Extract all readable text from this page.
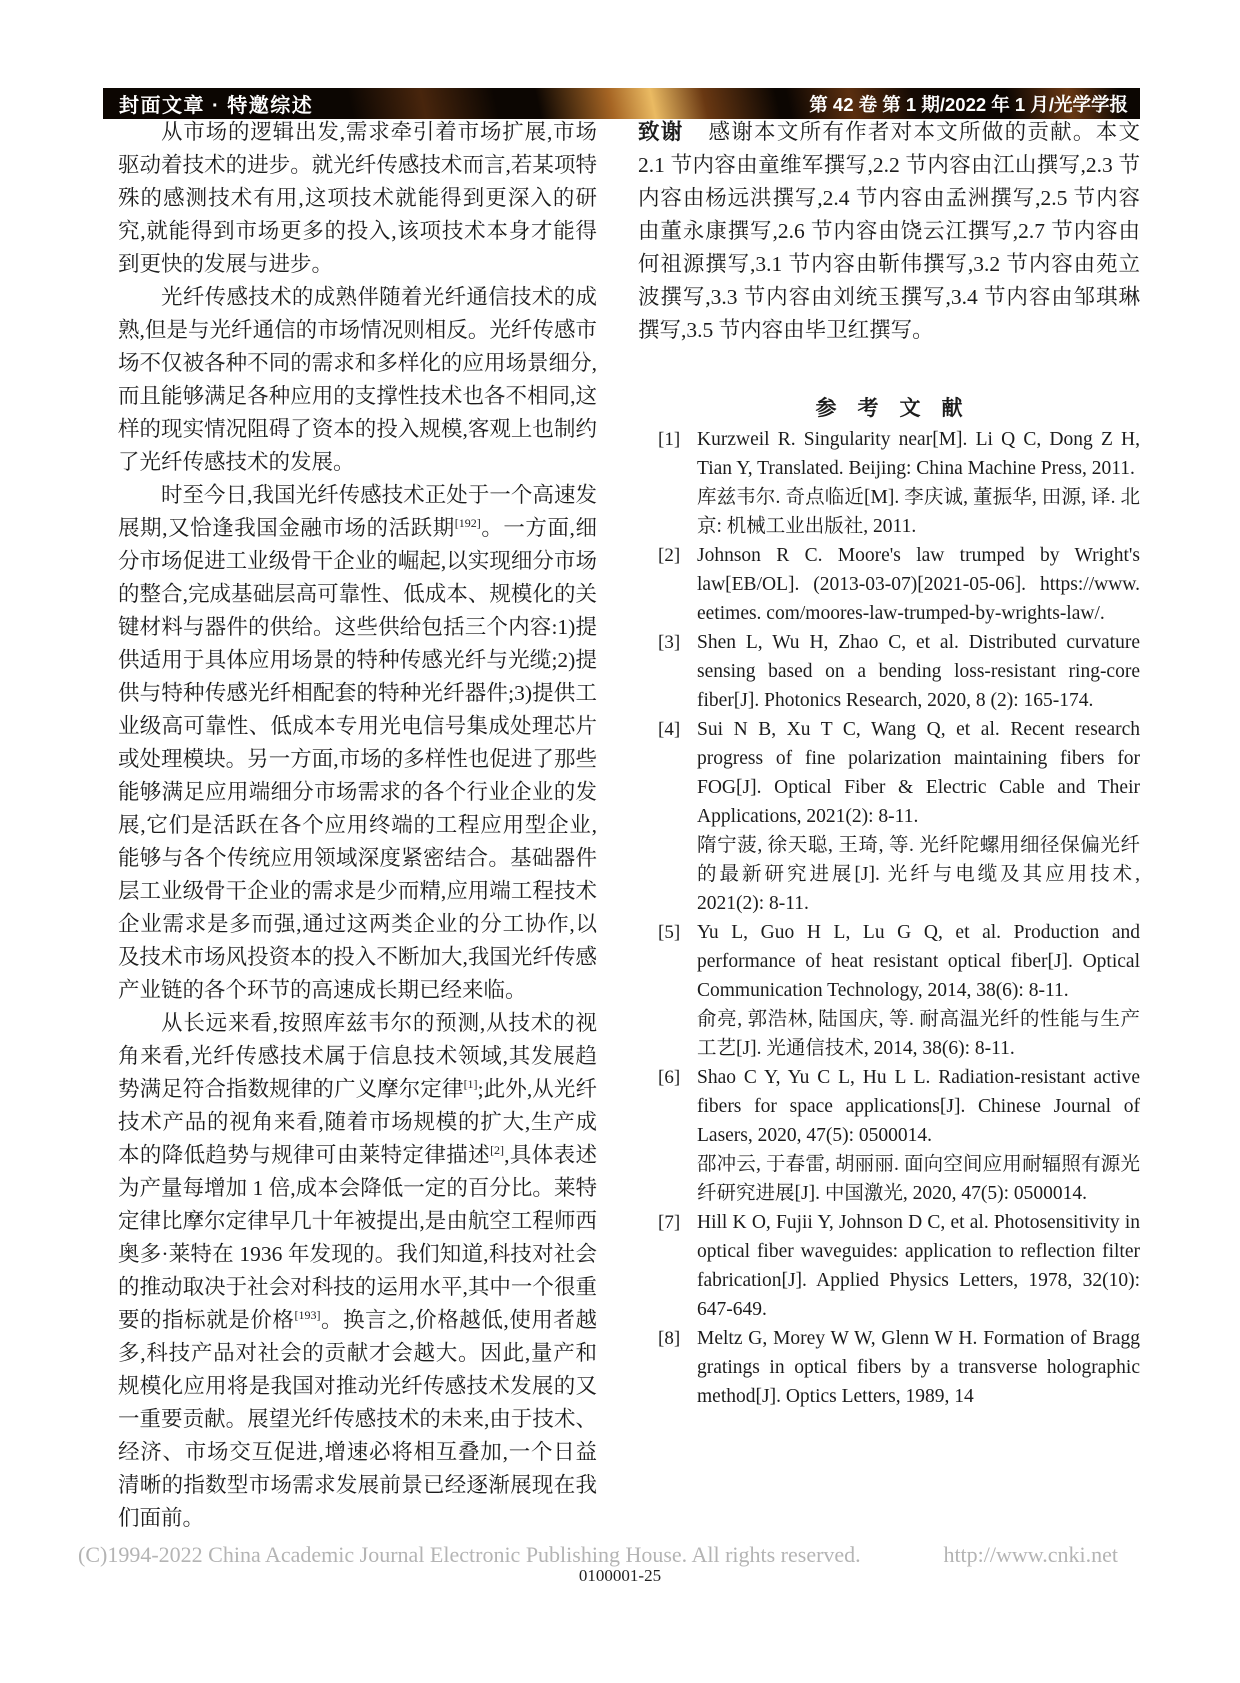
封面文章 · 特邀综述	第 42 卷 第 1 期/2022 年 1 月/光学学报

从市场的逻辑出发,需求牵引着市场扩展,市场驱动着技术的进步。就光纤传感技术而言,若某项特殊的感测技术有用,这项技术就能得到更深入的研究,就能得到市场更多的投入,该项技术本身才能得到更快的发展与进步。

光纤传感技术的成熟伴随着光纤通信技术的成熟,但是与光纤通信的市场情况则相反。光纤传感市场不仅被各种不同的需求和多样化的应用场景细分,而且能够满足各种应用的支撑性技术也各不相同,这样的现实情况阻碍了资本的投入规模,客观上也制约了光纤传感技术的发展。

时至今日,我国光纤传感技术正处于一个高速发展期,又恰逢我国金融市场的活跃期[192]。一方面,细分市场促进工业级骨干企业的崛起,以实现细分市场的整合,完成基础层高可靠性、低成本、规模化的关键材料与器件的供给。这些供给包括三个内容:1)提供适用于具体应用场景的特种传感光纤与光缆;2)提供与特种传感光纤相配套的特种光纤器件;3)提供工业级高可靠性、低成本专用光电信号集成处理芯片或处理模块。另一方面,市场的多样性也促进了那些能够满足应用端细分市场需求的各个行业企业的发展,它们是活跃在各个应用终端的工程应用型企业,能够与各个传统应用领域深度紧密结合。基础器件层工业级骨干企业的需求是少而精,应用端工程技术企业需求是多而强,通过这两类企业的分工协作,以及技术市场风投资本的投入不断加大,我国光纤传感产业链的各个环节的高速成长期已经来临。

从长远来看,按照库兹韦尔的预测,从技术的视角来看,光纤传感技术属于信息技术领域,其发展趋势满足符合指数规律的广义摩尔定律[1];此外,从光纤技术产品的视角来看,随着市场规模的扩大,生产成本的降低趋势与规律可由莱特定律描述[2],具体表述为产量每增加 1 倍,成本会降低一定的百分比。莱特定律比摩尔定律早几十年被提出,是由航空工程师西奥多·莱特在 1936 年发现的。我们知道,科技对社会的推动取决于社会对科技的运用水平,其中一个很重要的指标就是价格[193]。换言之,价格越低,使用者越多,科技产品对社会的贡献才会越大。因此,量产和规模化应用将是我国对推动光纤传感技术发展的又一重要贡献。展望光纤传感技术的未来,由于技术、经济、市场交互促进,增速必将相互叠加,一个日益清晰的指数型市场需求发展前景已经逐渐展现在我们面前。

致谢 感谢本文所有作者对本文所做的贡献。本文 2.1 节内容由童维军撰写,2.2 节内容由江山撰写,2.3 节内容由杨远洪撰写,2.4 节内容由孟洲撰写,2.5 节内容由董永康撰写,2.6 节内容由饶云江撰写,2.7 节内容由何祖源撰写,3.1 节内容由靳伟撰写,3.2 节内容由苑立波撰写,3.3 节内容由刘统玉撰写,3.4 节内容由邹琪琳撰写,3.5 节内容由毕卫红撰写。

参　考　文　献
[1] Kurzweil R. Singularity near[M]. Li Q C, Dong Z H, Tian Y, Translated. Beijing: China Machine Press, 2011.

库兹韦尔. 奇点临近[M]. 李庆诚, 董振华, 田源, 译. 北京: 机械工业出版社, 2011.

[2] Johnson R C. Moore's law trumped by Wright's law[EB/OL]. (2013-03-07)[2021-05-06]. https://www. eetimes. com/moores-law-trumped-by-wrights-law/.

[3] Shen L, Wu H, Zhao C, et al. Distributed curvature sensing based on a bending loss-resistant ring-core fiber[J]. Photonics Research, 2020, 8 (2): 165-174.

[4] Sui N B, Xu T C, Wang Q, et al. Recent research progress of fine polarization maintaining fibers for FOG[J]. Optical Fiber & Electric Cable and Their Applications, 2021(2): 8-11.

隋宁菠, 徐天聪, 王琦, 等. 光纤陀螺用细径保偏光纤的最新研究进展[J]. 光纤与电缆及其应用技术, 2021(2): 8-11.

[5] Yu L, Guo H L, Lu G Q, et al. Production and performance of heat resistant optical fiber[J]. Optical Communication Technology, 2014, 38(6): 8-11.

俞亮, 郭浩林, 陆国庆, 等. 耐高温光纤的性能与生产工艺[J]. 光通信技术, 2014, 38(6): 8-11.

[6] Shao C Y, Yu C L, Hu L L. Radiation-resistant active fibers for space applications[J]. Chinese Journal of Lasers, 2020, 47(5): 0500014.

邵冲云, 于春雷, 胡丽丽. 面向空间应用耐辐照有源光纤研究进展[J]. 中国激光, 2020, 47(5): 0500014.

[7] Hill K O, Fujii Y, Johnson D C, et al. Photosensitivity in optical fiber waveguides: application to reflection filter fabrication[J]. Applied Physics Letters, 1978, 32(10): 647-649.

[8] Meltz G, Morey W W, Glenn W H. Formation of Bragg gratings in optical fibers by a transverse holographic method[J]. Optics Letters, 1989, 14

(C)1994-2022 China Academic Journal Electronic Publishing House. All rights reserved.	http://www.cnki.net
0100001-25
